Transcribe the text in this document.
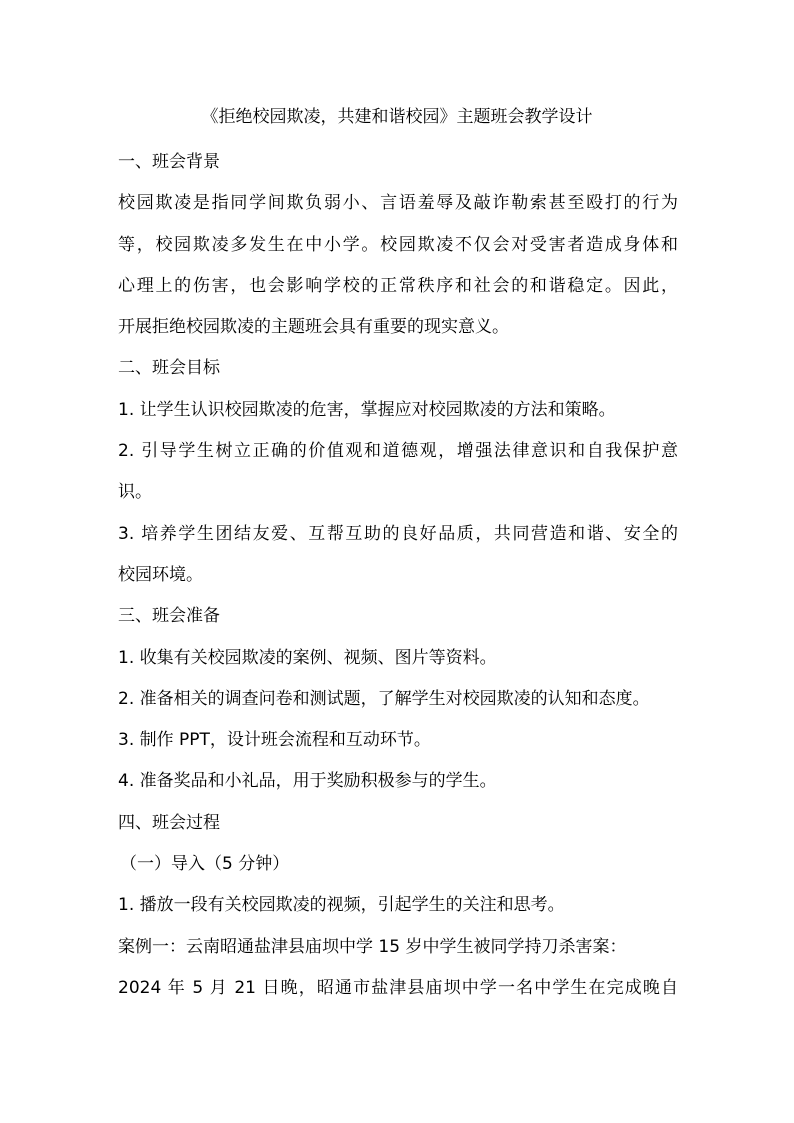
《拒绝校园欺凌，共建和谐校园》主题班会教学设计
一、班会背景
校园欺凌是指同学间欺负弱小、言语羞辱及敲诈勒索甚至殴打的行为
等，校园欺凌多发生在中小学。校园欺凌不仅会对受害者造成身体和
心理上的伤害，也会影响学校的正常秩序和社会的和谐稳定。因此，
开展拒绝校园欺凌的主题班会具有重要的现实意义。
二、班会目标
1. 让学生认识校园欺凌的危害，掌握应对校园欺凌的方法和策略。
2. 引导学生树立正确的价值观和道德观，增强法律意识和自我保护意
识。
3. 培养学生团结友爱、互帮互助的良好品质，共同营造和谐、安全的
校园环境。
三、班会准备
1. 收集有关校园欺凌的案例、视频、图片等资料。
2. 准备相关的调查问卷和测试题，了解学生对校园欺凌的认知和态度。
3. 制作 PPT，设计班会流程和互动环节。
4. 准备奖品和小礼品，用于奖励积极参与的学生。
四、班会过程
（一）导入（5 分钟）
1. 播放一段有关校园欺凌的视频，引起学生的关注和思考。
案例一：云南昭通盐津县庙坝中学 15 岁中学生被同学持刀杀害案：
2024 年 5 月 21 日晚，昭通市盐津县庙坝中学一名中学生在完成晚自
